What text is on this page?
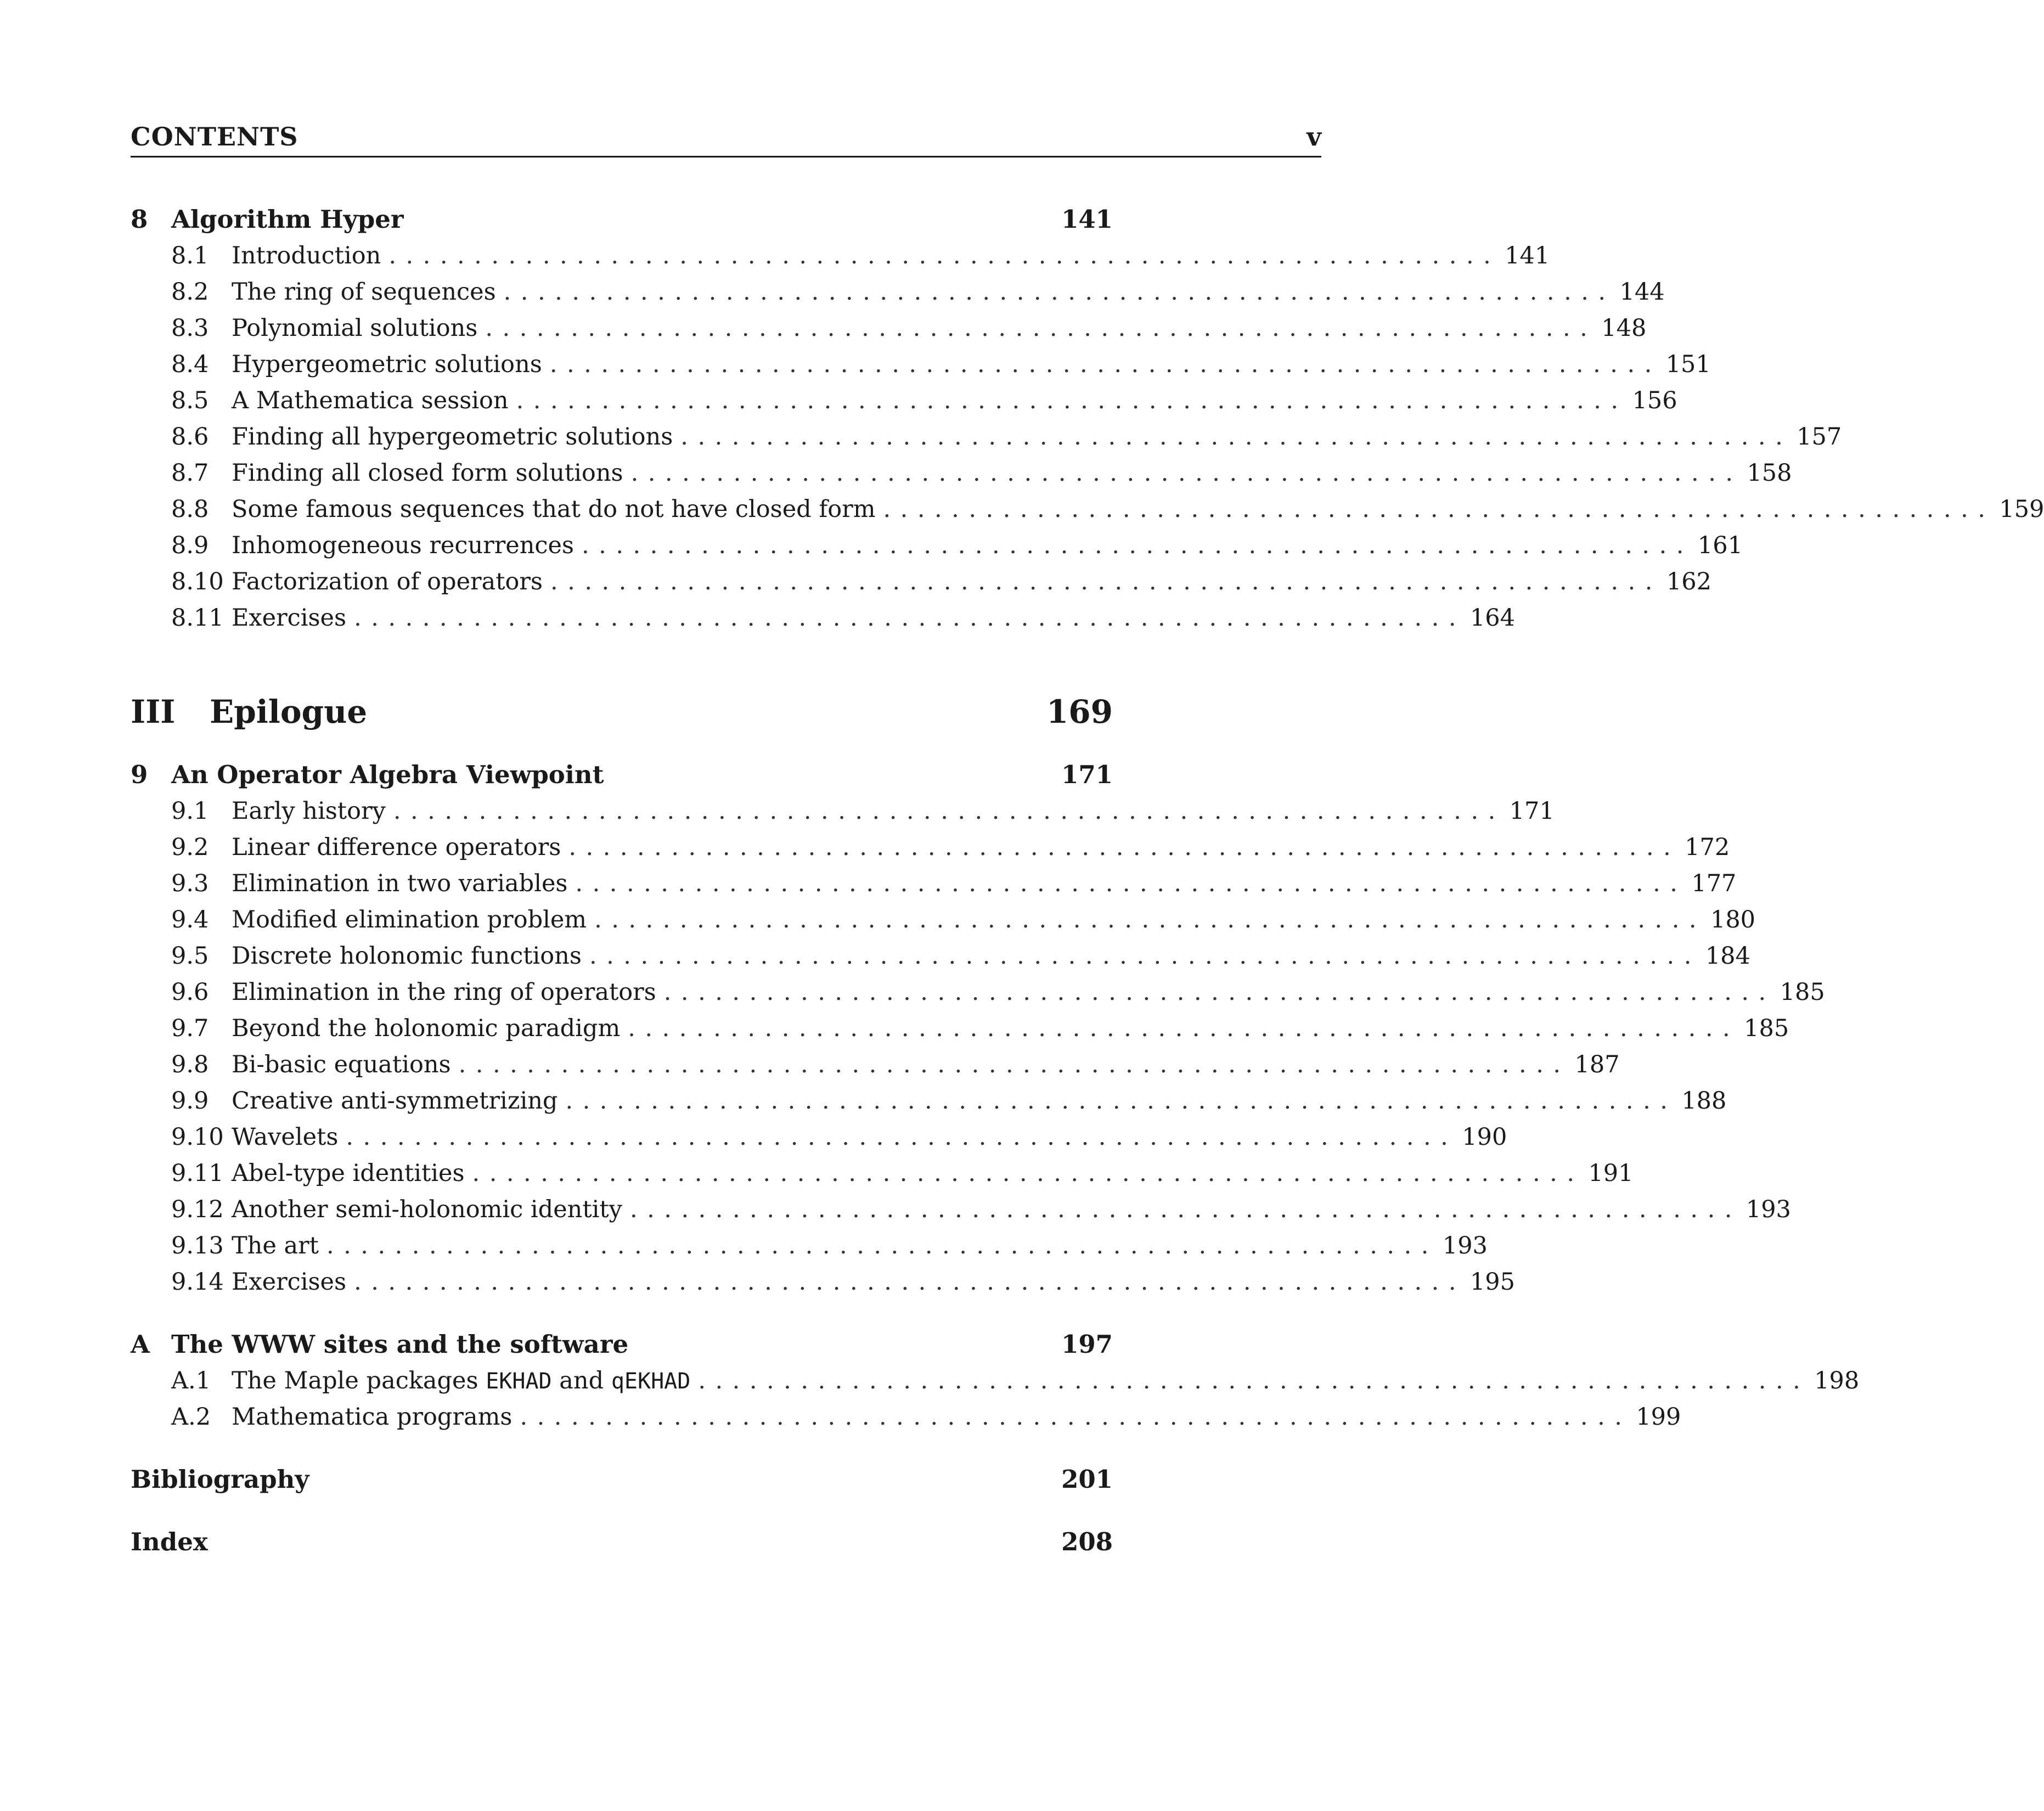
CONTENTS	v
8 Algorithm Hyper	141
8.1 Introduction ................................................................. 141
8.2 The ring of sequences ................................................................. 144
8.3 Polynomial solutions ................................................................. 148
8.4 Hypergeometric solutions ................................................................. 151
8.5 A Mathematica session ................................................................. 156
8.6 Finding all hypergeometric solutions ................................................................. 157
8.7 Finding all closed form solutions ................................................................. 158
8.8 Some famous sequences that do not have closed form ................................................................. 159
8.9 Inhomogeneous recurrences ................................................................. 161
8.10 Factorization of operators ................................................................. 162
8.11 Exercises ................................................................. 164
III Epilogue	169
9 An Operator Algebra Viewpoint	171
9.1 Early history ................................................................. 171
9.2 Linear difference operators ................................................................. 172
9.3 Elimination in two variables ................................................................. 177
9.4 Modified elimination problem ................................................................. 180
9.5 Discrete holonomic functions ................................................................. 184
9.6 Elimination in the ring of operators ................................................................. 185
9.7 Beyond the holonomic paradigm ................................................................. 185
9.8 Bi-basic equations ................................................................. 187
9.9 Creative anti-symmetrizing ................................................................. 188
9.10 Wavelets ................................................................. 190
9.11 Abel-type identities ................................................................. 191
9.12 Another semi-holonomic identity ................................................................. 193
9.13 The art ................................................................. 193
9.14 Exercises ................................................................. 195
A The WWW sites and the software	197
A.1 The Maple packages EKHAD and qEKHAD ................................................................. 198
A.2 Mathematica programs ................................................................. 199
Bibliography	201
Index	208
